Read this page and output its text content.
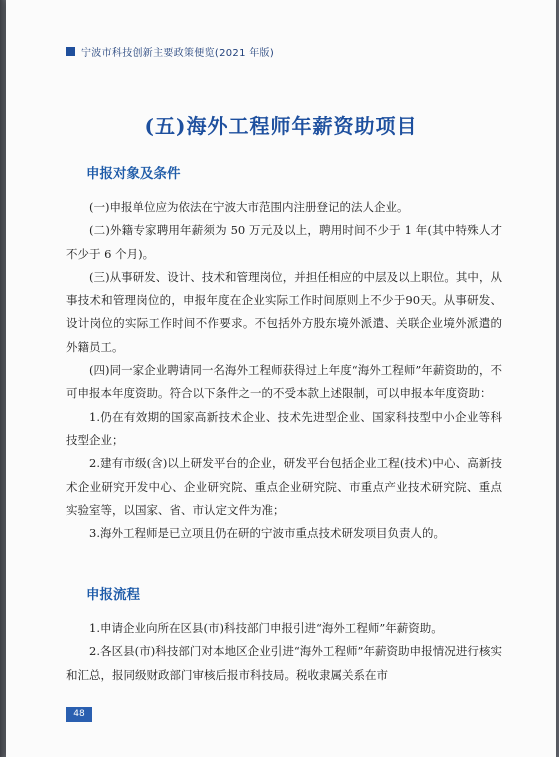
宁波市科技创新主要政策便览(2021 年版)
(五)海外工程师年薪资助项目
申报对象及条件

(一)申报单位应为依法在宁波大市范围内注册登记的法人企业。

(二)外籍专家聘用年薪须为 50 万元及以上，聘用时间不少于 1 年(其中特殊人才不少于 6 个月)。

(三)从事研发、设计、技术和管理岗位，并担任相应的中层及以上职位。其中，从事技术和管理岗位的，申报年度在企业实际工作时间原则上不少于90天。从事研发、设计岗位的实际工作时间不作要求。不包括外方股东境外派遣、关联企业境外派遣的外籍员工。

(四)同一家企业聘请同一名海外工程师获得过上年度“海外工程师”年薪资助的，不可申报本年度资助。符合以下条件之一的不受本款上述限制，可以申报本年度资助：

1.仍在有效期的国家高新技术企业、技术先进型企业、国家科技型中小企业等科技型企业；

2.建有市级(含)以上研发平台的企业，研发平台包括企业工程(技术)中心、高新技术企业研究开发中心、企业研究院、重点企业研究院、市重点产业技术研究院、重点实验室等，以国家、省、市认定文件为准；

3.海外工程师是已立项且仍在研的宁波市重点技术研发项目负责人的。

申报流程

1.申请企业向所在区县(市)科技部门申报引进“海外工程师”年薪资助。

2.各区县(市)科技部门对本地区企业引进“海外工程师”年薪资助申报情况进行核实和汇总，报同级财政部门审核后报市科技局。税收隶属关系在市

48
